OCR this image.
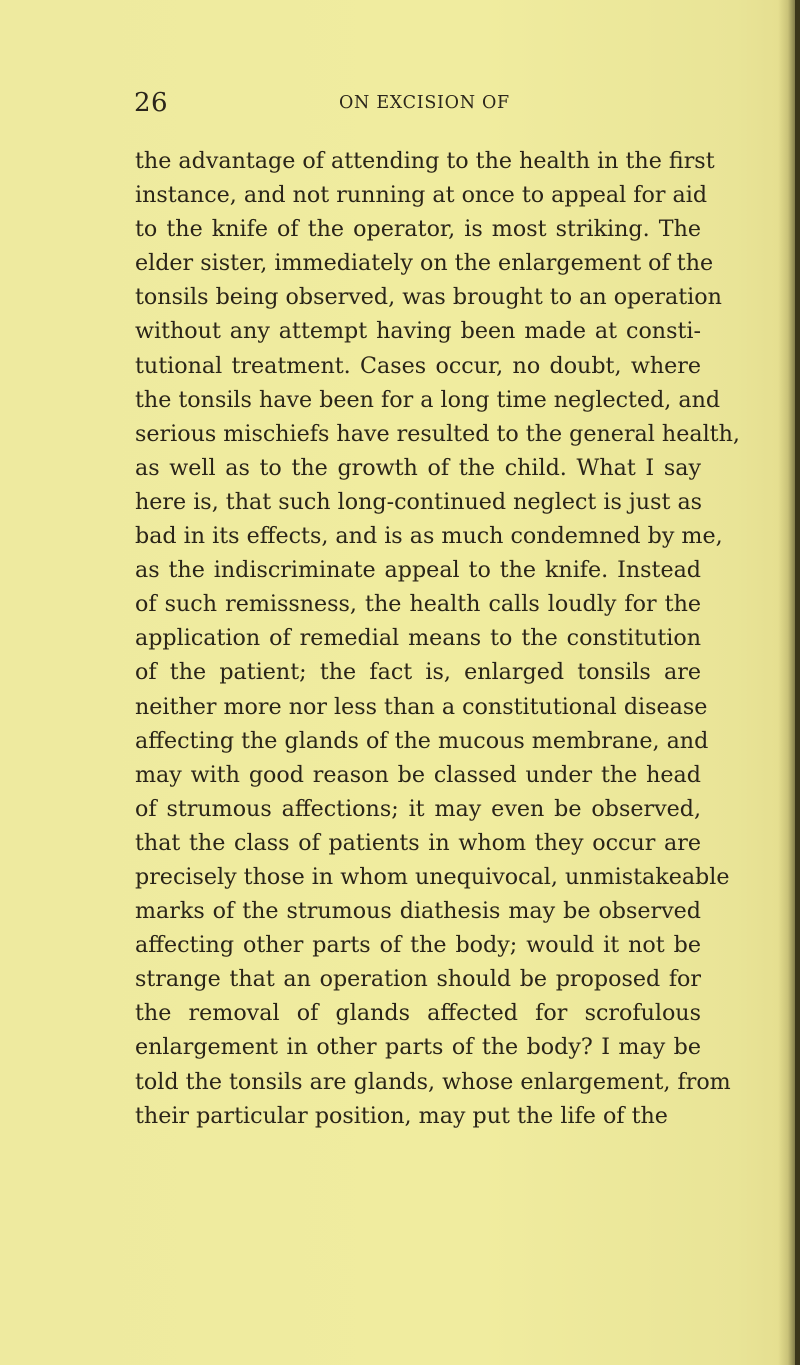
26	ON EXCISION OF
the advantage of attending to the health in the first
instance, and not running at once to appeal for aid
to the knife of the operator, is most striking. The
elder sister, immediately on the enlargement of the
tonsils being observed, was brought to an operation
without any attempt having been made at consti-
tutional treatment. Cases occur, no doubt, where
the tonsils have been for a long time neglected, and
serious mischiefs have resulted to the general health,
as well as to the growth of the child. What I say
here is, that such long-continued neglect is just as
bad in its effects, and is as much condemned by me,
as the indiscriminate appeal to the knife. Instead
of such remissness, the health calls loudly for the
application of remedial means to the constitution
of the patient; the fact is, enlarged tonsils are
neither more nor less than a constitutional disease
affecting the glands of the mucous membrane, and
may with good reason be classed under the head
of strumous affections; it may even be observed,
that the class of patients in whom they occur are
precisely those in whom unequivocal, unmistakeable
marks of the strumous diathesis may be observed
affecting other parts of the body; would it not be
strange that an operation should be proposed for
the removal of glands affected for scrofulous
enlargement in other parts of the body? I may be
told the tonsils are glands, whose enlargement, from
their particular position, may put the life of the
